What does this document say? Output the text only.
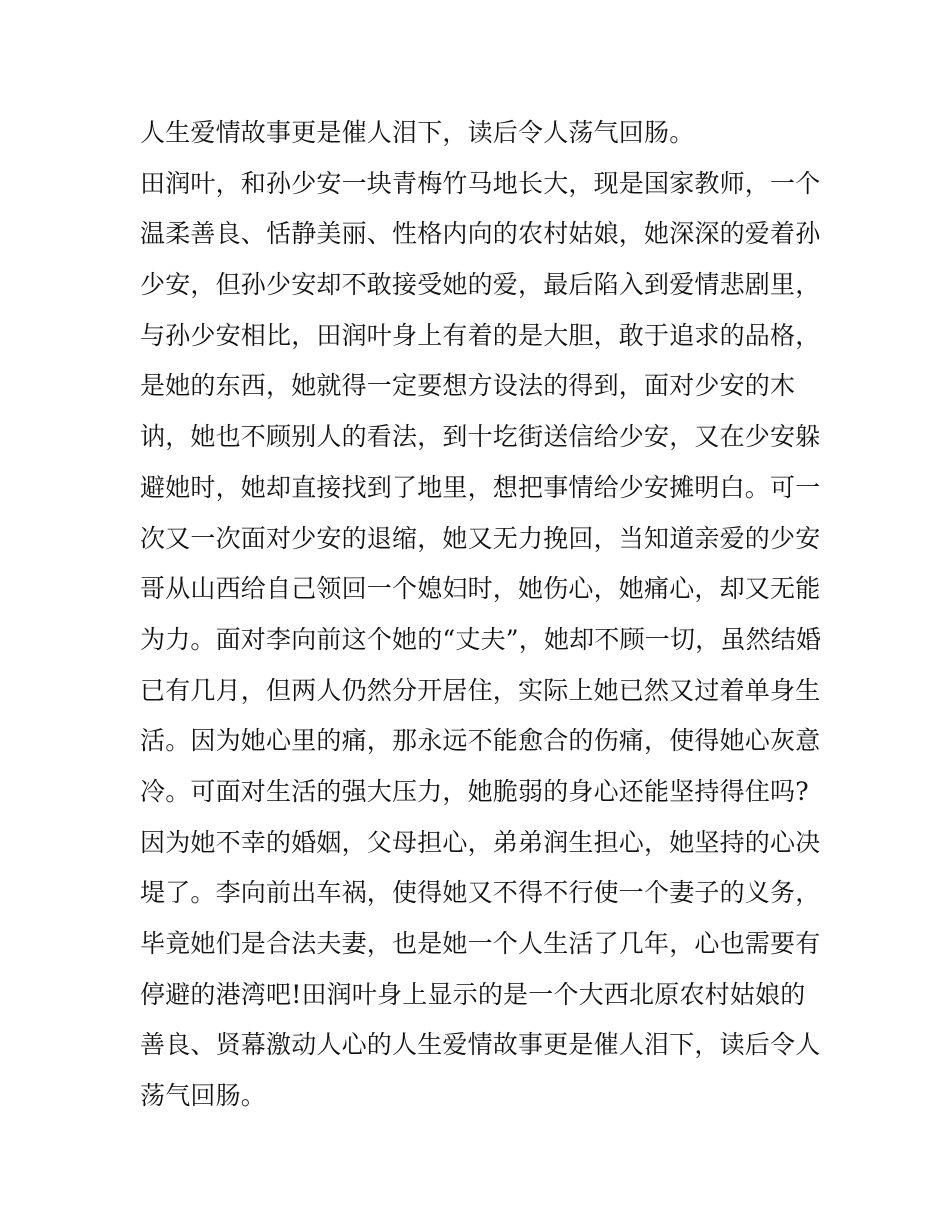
人生爱情故事更是催人泪下，读后令人荡气回肠。
田润叶，和孙少安一块青梅竹马地长大，现是国家教师，一个
温柔善良、恬静美丽、性格内向的农村姑娘，她深深的爱着孙
少安，但孙少安却不敢接受她的爱，最后陷入到爱情悲剧里，
与孙少安相比，田润叶身上有着的是大胆，敢于追求的品格，
是她的东西，她就得一定要想方设法的得到，面对少安的木
讷，她也不顾别人的看法，到十圪街送信给少安，又在少安躲
避她时，她却直接找到了地里，想把事情给少安摊明白。可一
次又一次面对少安的退缩，她又无力挽回，当知道亲爱的少安
哥从山西给自己领回一个媳妇时，她伤心，她痛心，却又无能
为力。面对李向前这个她的“丈夫”，她却不顾一切，虽然结婚
已有几月，但两人仍然分开居住，实际上她已然又过着单身生
活。因为她心里的痛，那永远不能愈合的伤痛，使得她心灰意
冷。可面对生活的强大压力，她脆弱的身心还能坚持得住吗?
因为她不幸的婚姻，父母担心，弟弟润生担心，她坚持的心决
堤了。李向前出车祸，使得她又不得不行使一个妻子的义务，
毕竟她们是合法夫妻，也是她一个人生活了几年，心也需要有
停避的港湾吧!田润叶身上显示的是一个大西北原农村姑娘的
善良、贤幕激动人心的人生爱情故事更是催人泪下，读后令人
荡气回肠。
